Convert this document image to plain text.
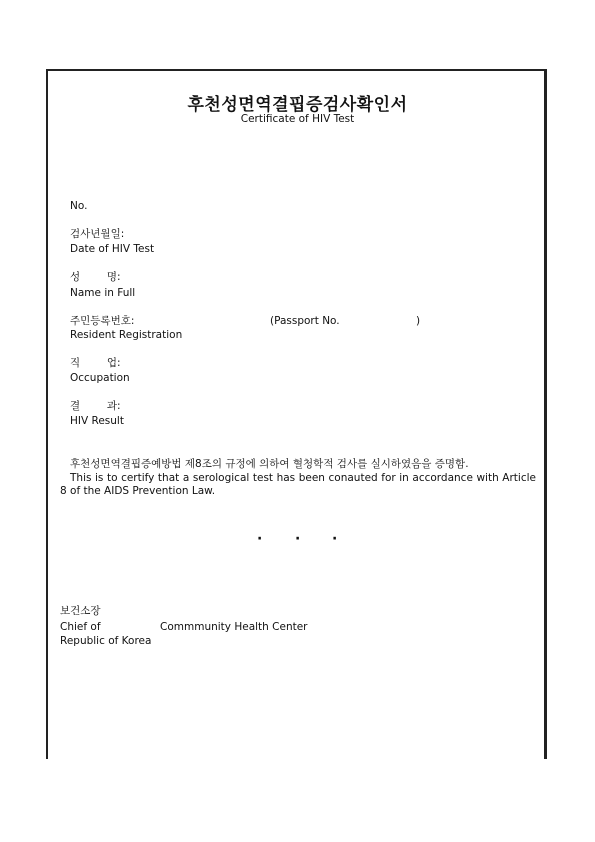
후천성면역결핍증검사확인서
Certificate of HIV Test
No.
검사년월일:
Date of HIV Test
성        명:
Name in Full
주민등록번호:	(Passport No.	)
Resident Registration
직        업:
Occupation
결        과:
HIV Result
후천성면역결핍증예방법 제8조의 규정에 의하여 혈청학적 검사를 실시하였음을 증명함.
This is to certify that a serological test has been conauted for in accordance with Article 8 of the AIDS Prevention Law.
· · ·
보건소장
Chief of	Commmunity Health Center
Republic of Korea
